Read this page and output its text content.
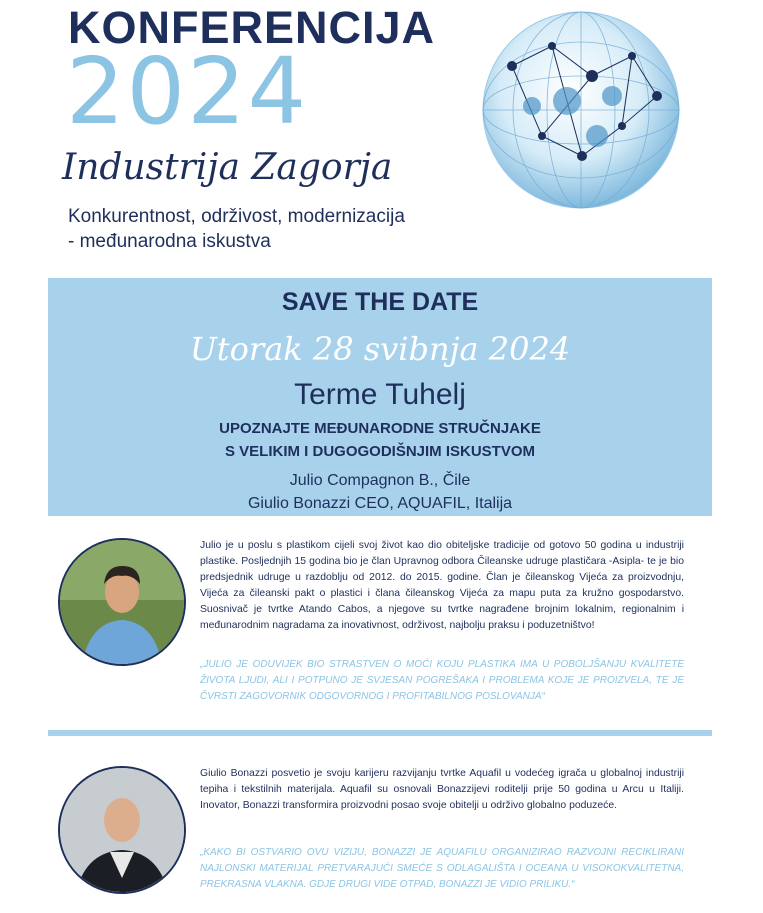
KONFERENCIJA
2024
Industrija Zagorja
Konkurentnost, održivost, modernizacija
- međunarodna iskustva
SAVE THE DATE
Utorak 28 svibnja 2024
Terme Tuhelj
UPOZNAJTE MEĐUNARODNE STRUČNJAKE
S VELIKIM I DUGOGODIŠNJIM ISKUSTVOM
Julio Compagnon B., Čile
Giulio Bonazzi CEO, AQUAFIL, Italija
Julio je u poslu s plastikom cijeli svoj život kao dio obiteljske tradicije od gotovo 50 godina u industriji plastike. Posljednjih 15 godina bio je član Upravnog odbora Čileanske udruge plastičara -Asipla- te je bio predsjednik udruge u razdoblju od 2012. do 2015. godine. Član je čileanskog Vijeća za proizvodnju, Vijeća za čileanski pakt o plastici i člana čileanskog Vijeća za mapu puta za kružno gospodarstvo. Suosnivač je tvrtke Atando Cabos, a njegove su tvrtke nagrađene brojnim lokalnim, regionalnim i međunarodnim nagradama za inovativnost, održivost, najbolju praksu i poduzetništvo!
„JULIO JE ODUVIJEK BIO STRASTVEN O MOĆI KOJU PLASTIKA IMA U POBOLJŠANJU KVALITETE ŽIVOTA LJUDI, ALI I POTPUNO JE SVJESAN POGREŠAKA I PROBLEMA KOJE JE PROIZVELA, TE JE ČVRSTI ZAGOVORNIK ODGOVORNOG I PROFITABILNOG POSLOVANJA“
Giulio Bonazzi posvetio je svoju karijeru razvijanju tvrtke Aquafil u vodećeg igrača u globalnoj industriji tepiha i tekstilnih materijala. Aquafil su osnovali Bonazzijevi roditelji prije 50 godina u Arcu u Italiji. Inovator, Bonazzi transformira proizvodni posao svoje obitelji u održivo globalno poduzeće.
„KAKO BI OSTVARIO OVU VIZIJU, BONAZZI JE AQUAFILU ORGANIZIRAO RAZVOJNI RECIKLIRANI NAJLONSKI MATERIJAL PRETVARAJUĆI SMEĆE S ODLAGALIŠTA I OCEANA U VISOKOKVALITETNA, PREKRASNA VLAKNA. GDJE DRUGI VIDE OTPAD, BONAZZI JE VIDIO PRILIKU.“
